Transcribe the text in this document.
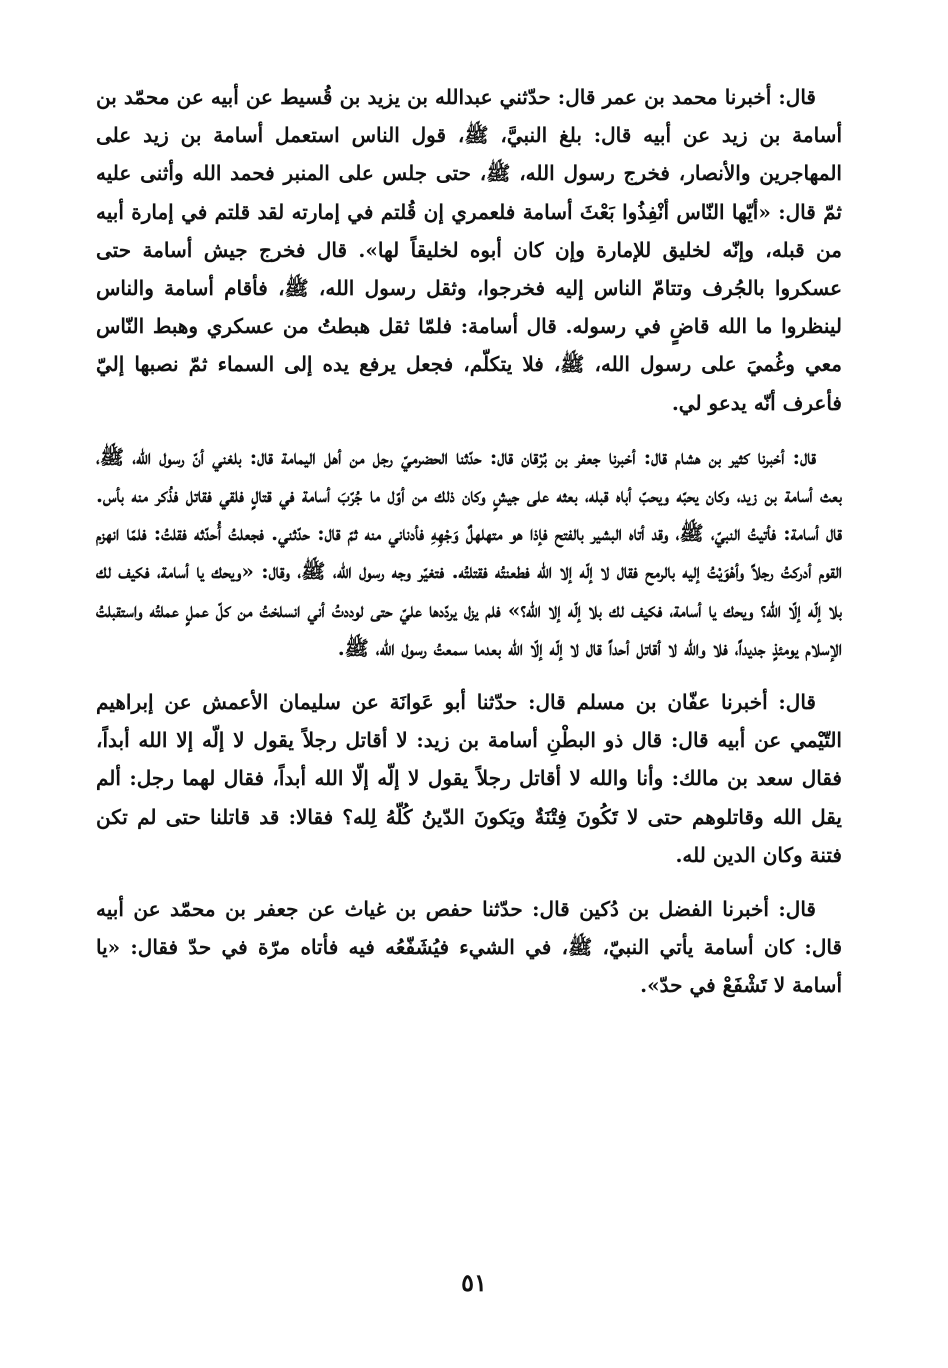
قال: أخبرنا محمد بن عمر قال: حدّثني عبدالله بن يزيد بن قُسيط عن أبيه عن محمّد بن أسامة بن زيد عن أبيه قال: بلغ النبيَّ، ﷺ، قول الناس استعمل أسامة بن زيد على المهاجرين والأنصار، فخرج رسول الله، ﷺ، حتى جلس على المنبر فحمد الله وأثنى عليه ثمّ قال: «أيّها النّاس أنْفِذُوا بَعْثَ أسامة فلعمري إن قُلتم في إمارته لقد قلتم في إمارة أبيه من قبله، وإنّه لخليق للإمارة وإن كان أبوه لخليقاً لها». قال فخرج جيش أسامة حتى عسكروا بالجُرف وتتامّ الناس إليه فخرجوا، وثقل رسول الله، ﷺ، فأقام أسامة والناس لينظروا ما الله قاضٍ في رسوله. قال أسامة: فلمّا ثقل هبطتُ من عسكري وهبط النّاس معي وغُميَ على رسول الله، ﷺ، فلا يتكلّم، فجعل يرفع يده إلى السماء ثمّ نصبها إليّ فأعرف أنّه يدعو لي.

قال: أخبرنا كثير بن هشام قال: أخبرنا جعفر بن بُرْقان قال: حدّثنا الحضرميّ رجل من أهل اليمامة قال: بلغني أنّ رسول الله، ﷺ، بعث أسامة بن زيد، وكان يحبّه ويحبّ أباه قبله، بعثه على جيشٍ وكان ذلك من أوّل ما جُرّبَ أسامة في قتالٍ فلقي فقاتل فذُكر منه بأس. قال أسامة: فأتيتُ النبيّ، ﷺ، وقد أتاه البشير بالفتح فإذا هو متهلهلٌ وَجْهِهِ فأدناني منه ثمّ قال: حدّثني. فجعلتُ أُحدّثه فقلتُ: فلمّا انهزم القوم أدركتُ رجلاً وأهْوَيْتُ إليه بالرمح فقال لا إلّه إلا الله فطعنتُه فقتلتُه. فتغيّر وجه رسول الله، ﷺ، وقال: «ويحك يا أسامة، فكيف لك بلا إلّه إلّا الله؟ ويحك يا أسامة، فكيف لك بلا إلّه إلا الله؟» فلم يزل يردّدها عليّ حتى لوددتُ أني انسلختُ من كلّ عملٍ عملتُه واستقبلتُ الإسلام يومئذٍ جديداً، فلا والله لا أقاتل أحداً قال لا إلّه إلّا الله بعدما سمعتُ رسول الله، ﷺ.

قال: أخبرنا عفّان بن مسلم قال: حدّثنا أبو عَوانَة عن سليمان الأعمش عن إبراهيم التّيْمي عن أبيه قال: قال ذو البطْنِ أسامة بن زيد: لا أقاتل رجلاً يقول لا إلّه إلا الله أبداً، فقال سعد بن مالك: وأنا والله لا أقاتل رجلاً يقول لا إلّه إلّا الله أبداً، فقال لهما رجل: ألم يقل الله وقاتلوهم حتى لا تَكُونَ فِتْنَةٌ ويَكونَ الدّينُ كُلّهُ لِله؟ فقالا: قد قاتلنا حتى لم تكن فتنة وكان الدين لله.

قال: أخبرنا الفضل بن دُكين قال: حدّثنا حفص بن غياث عن جعفر بن محمّد عن أبيه قال: كان أسامة يأتي النبيّ، ﷺ، في الشيء فيُشَفّعُه فيه فأتاه مرّة في حدّ فقال: «يا أسامة لا تَشْفَعْ في حدّ».

٥١
